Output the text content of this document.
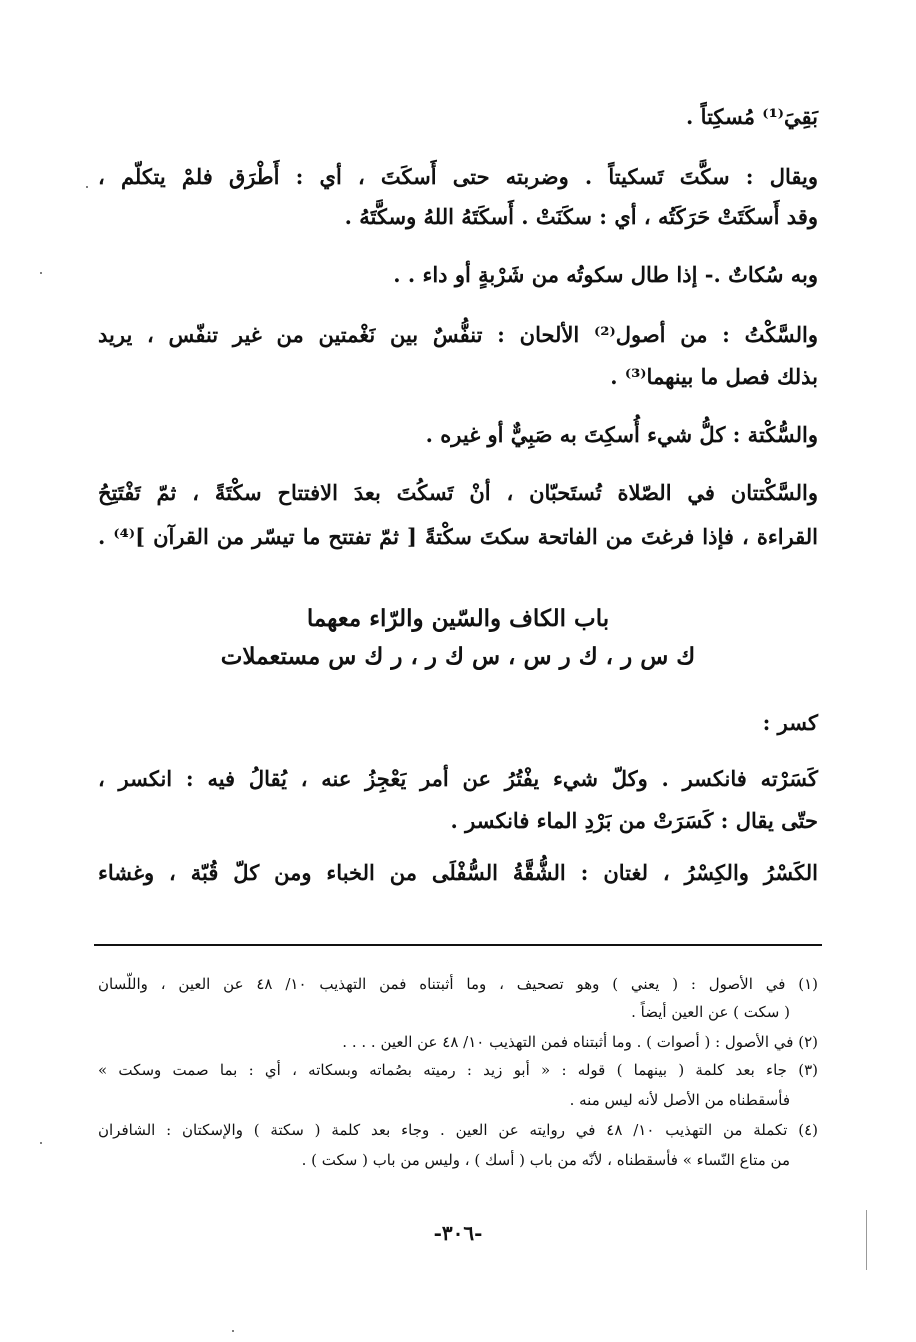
بَقِيَ⁽¹⁾ مُسكِتاً .
ويقال : سكَّتَ تَسكيتاً . وضربته حتى أَسكَتَ ، أي : أَطْرَق فلمْ يتكلّم ،
وقد أَسكَتَتْ حَرَكَتُه ، أي : سكَنَتْ . أَسكَتَهُ اللهُ وسكَّتَهُ .
وبه سُكاتٌ .- إذا طال سكوتُه من شَرْبةٍ أو داء . .
والسَّكْتُ : من أصول⁽²⁾ الألحان : تنفُّسٌ بين نَغْمتين من غير تنفّس ، يريد
بذلك فصل ما بينهما⁽³⁾ .
والسُّكْتة : كلُّ شيء أُسكِتَ به صَبِيٌّ أو غيره .
والسَّكْتتان في الصّلاة تُستَحبّان ، أنْ تَسكُتَ بعدَ الافتتاح سكْتَةً ، ثمّ تَفْتَتِحُ
القراءة ، فإذا فرغتَ من الفاتحة سكتَ سكْتةً [ ثمّ تفتتح ما تيسّر من القرآن ]⁽⁴⁾ .
باب الكاف والسّين والرّاء معهما
ك س ر ، ك ر س ، س ك ر ، ر ك س مستعملات
كسر :
كَسَرْته فانكسر . وكلّ شيء يفْتُرُ عن أمر يَعْجِزُ عنه ، يُقالُ فيه : انكسر ،
حتّى يقال : كَسَرَتْ من بَرْدِ الماء فانكسر .
الكَسْرُ والكِسْرُ ، لغتان : الشُّقَّةُ السُّفْلَى من الخباء ومن كلّ قُبّة ، وغشاء
(١) في الأصول : ( يعني ) وهو تصحيف ، وما أثبتناه فمن التهذيب ١٠/ ٤٨ عن العين ، واللّسان
( سكت ) عن العين أيضاً .
(٢) في الأصول : ( أصوات ) . وما أثبتناه فمن التهذيب ١٠/ ٤٨ عن العين . . . .
(٣) جاء بعد كلمة ( بينهما ) قوله : « أبو زيد : رميته بصُماته وبسكاته ، أي : بما صمت وسكت »
فأسقطناه من الأصل لأنه ليس منه .
(٤) تكملة من التهذيب ١٠/ ٤٨ في روايته عن العين . وجاء بعد كلمة ( سكتة ) والإسكتان : الشافران
من متاع النّساء » فأسقطناه ، لأنّه من باب ( أسك ) ، وليس من باب ( سكت ) .
-٣٠٦-
